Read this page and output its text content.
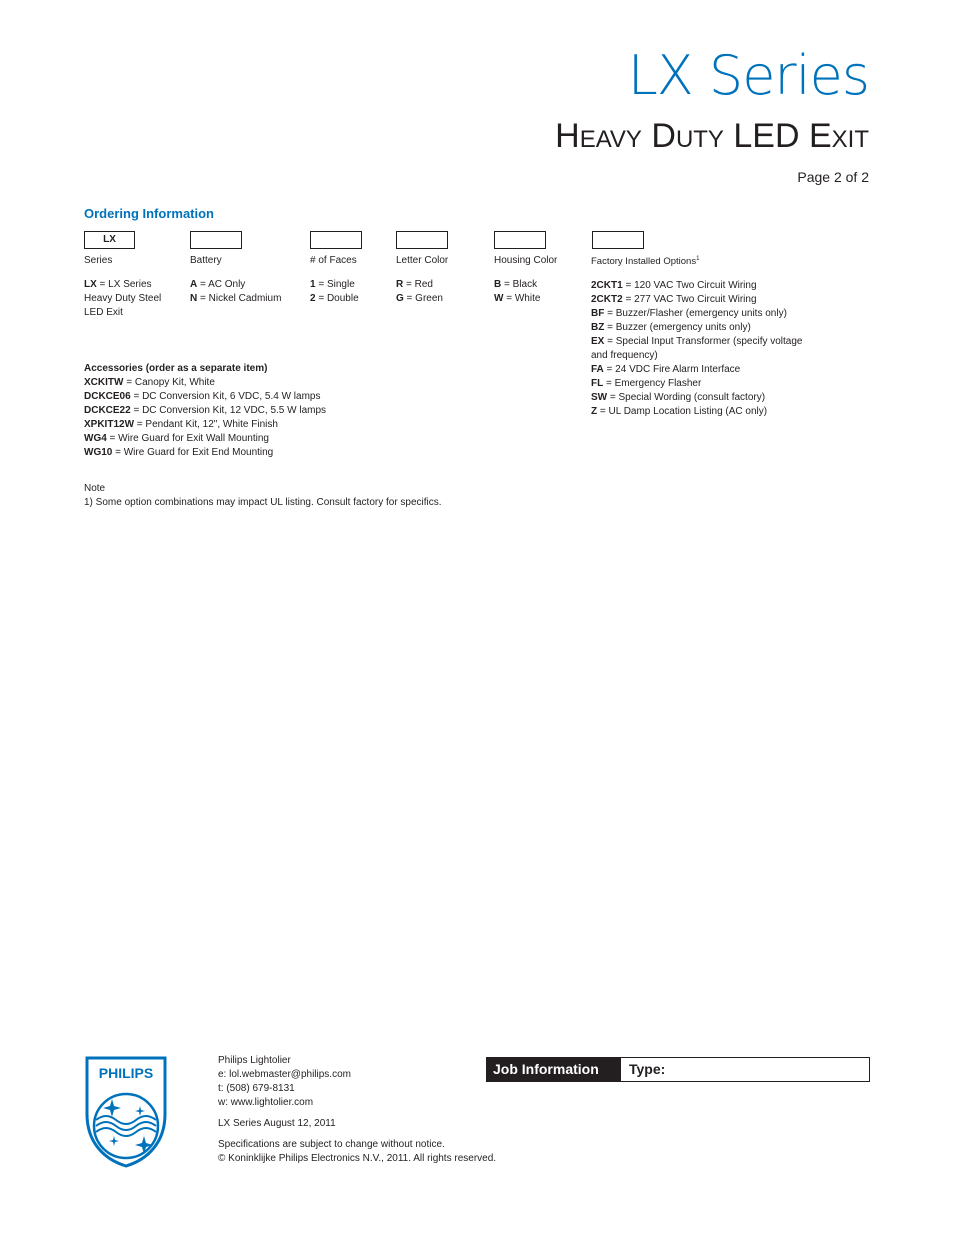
LX Series
Heavy Duty LED Exit
Page 2 of 2
Ordering Information
LX
Series
LX = LX Series
Heavy Duty Steel
LED Exit
Battery
A = AC Only
N = Nickel Cadmium
# of Faces
1 = Single
2 = Double
Letter Color
R = Red
G = Green
Housing Color
B = Black
W = White
Factory Installed Options$^1$
2CKT1 = 120 VAC Two Circuit Wiring
2CKT2 = 277 VAC Two Circuit Wiring
BF = Buzzer/Flasher (emergency units only)
BZ = Buzzer (emergency units only)
EX = Special Input Transformer (specify voltage
and frequency)
FA = 24 VDC Fire Alarm Interface
FL = Emergency Flasher
SW = Special Wording (consult factory)
Z = UL Damp Location Listing (AC only)
Accessories (order as a separate item)
XCKITW = Canopy Kit, White
DCKCE06 = DC Conversion Kit, 6 VDC, 5.4 W lamps
DCKCE22 = DC Conversion Kit, 12 VDC, 5.5 W lamps
XPKIT12W = Pendant Kit, 12", White Finish
WG4 = Wire Guard for Exit Wall Mounting
WG10 = Wire Guard for Exit End Mounting
Note
1) Some option combinations may impact UL listing. Consult factory for specifics.
PHILIPS
Philips Lightolier
e: lol.webmaster@philips.com
t: (508) 679-8131
w: www.lightolier.com
LX Series August 12, 2011
Specifications are subject to change without notice.
© Koninklijke Philips Electronics N.V., 2011. All rights reserved.
Job Information	Type:
